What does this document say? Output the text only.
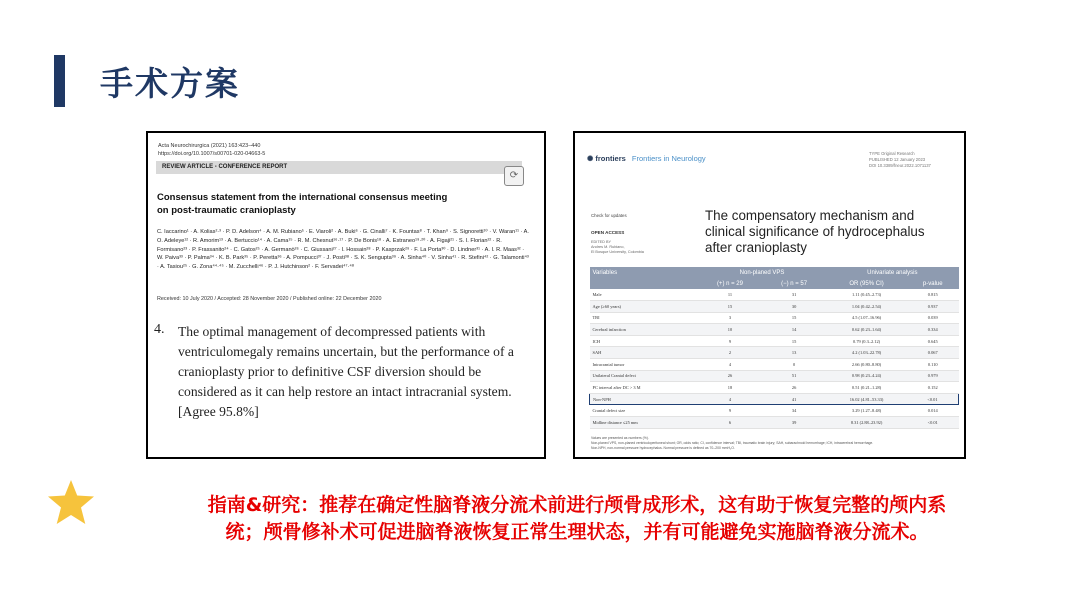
手术方案
Acta Neurochirurgica (2021) 163:423–440
https://doi.org/10.1007/s00701-020-04663-5
REVIEW ARTICLE - CONFERENCE REPORT
⟳
Consensus statement from the international consensus meeting on post-traumatic cranioplasty
C. Iaccarino¹ · A. Kolias²·³ · P. D. Adelson⁴ · A. M. Rubiano⁵ · E. Viaroli² · A. Buki⁶ · G. Cinalli⁷ · K. Fountas⁸ · T. Khan⁹ · S. Signoretti¹⁰ · V. Waran¹¹ · A. O. Adeleye¹² · R. Amorim¹³ · A. Bertuccio¹⁴ · A. Cama¹⁵ · R. M. Chesnut¹⁶·¹⁷ · P. De Bonis¹⁸ · A. Estraneo¹⁹·²⁰ · A. Figaji²¹ · S. I. Florian²² · R. Formisano²³ · P. Frassanito²⁴ · C. Gatos²⁵ · A. Germanò²⁶ · C. Giussani²⁷ · I. Hossain²⁸ · P. Kasprzak²⁹ · F. La Porta³⁰ · D. Lindner³¹ · A. I. R. Maas³² · W. Paiva³³ · P. Palma³⁴ · K. B. Park³⁵ · P. Peretta³⁶ · A. Pompucci³⁷ · J. Posti³⁸ · S. K. Sengupta³⁹ · A. Sinha⁴⁰ · V. Sinha⁴¹ · R. Stefini⁴² · G. Talamonti⁴³ · A. Tasiou²⁵ · G. Zona⁴⁴·⁴⁵ · M. Zucchelli⁴⁶ · P. J. Hutchinson² · F. Servadei⁴⁷·⁴⁸
Received: 10 July 2020 / Accepted: 28 November 2020 / Published online: 22 December 2020
4. The optimal management of decompressed patients with ventriculomegaly remains uncertain, but the performance of a cranioplasty prior to definitive CSF diversion should be considered as it can help restore an intact intracranial system. [Agree 95.8%]
✺ frontiers Frontiers in Neurology
TYPE Original Research
PUBLISHED 12 January 2023
DOI 10.3389/fneur.2022.1071137
Check for updates
OPEN ACCESS
EDITED BY
Andres M. Rubiano,
El Bosque University, Colombia
The compensatory mechanism and clinical significance of hydrocephalus after cranioplasty
Variables	Non-planed VPS		Univariate analysis	
	(+) n = 29	(−) n = 57	OR (95% CI)	p-value
Male	11	31	1.11 (0.45–2.73)	0.815
Age (≥60 years)	15	30	1.04 (0.42–2.54)	0.937
TBI	3	15	4.5 (1.07–16.96)	0.039
Cerebral infarction	10	14	0.62 (0.23–1.64)	0.334
ICH	9	15	0.79 (0.3–2.12)	0.645
SAH	2	13	4.2 (1.03–22.78)	0.067
Intracranial tumor	4	0	2.66 (0.80–8.80)	0.110
Unilateral Cranial defect	26	51	0.98 (0.23–4.24)	0.979
PC interval after DC > 3 M	18	26	0.51 (0.21–1.28)	0.152
Non-NPH	4	41	16.02 (4.81–53.33)	<0.01
Cranial defect size	9	34	3.29 (1.27–8.48)	0.014
Midline distance ≤25 mm	6	39	8.31 (2.88–23.92)	<0.01
Values are presented as numbers (%).
Non-planed VPS, non-planed ventriculoperitoneal shunt; OR, odds ratio; CI, confidence interval; TBI, traumatic brain injury; SAH, subarachnoid hemorrhage; ICH, intracerebral hemorrhage.
Non-NPH, non-normal pressure hydrocephalus. Normal pressure is defined as 70–200 mmH₂O.
指南&研究：推荐在确定性脑脊液分流术前进行颅骨成形术，这有助于恢复完整的颅内系
统；颅骨修补术可促进脑脊液恢复正常生理状态，并有可能避免实施脑脊液分流术。
